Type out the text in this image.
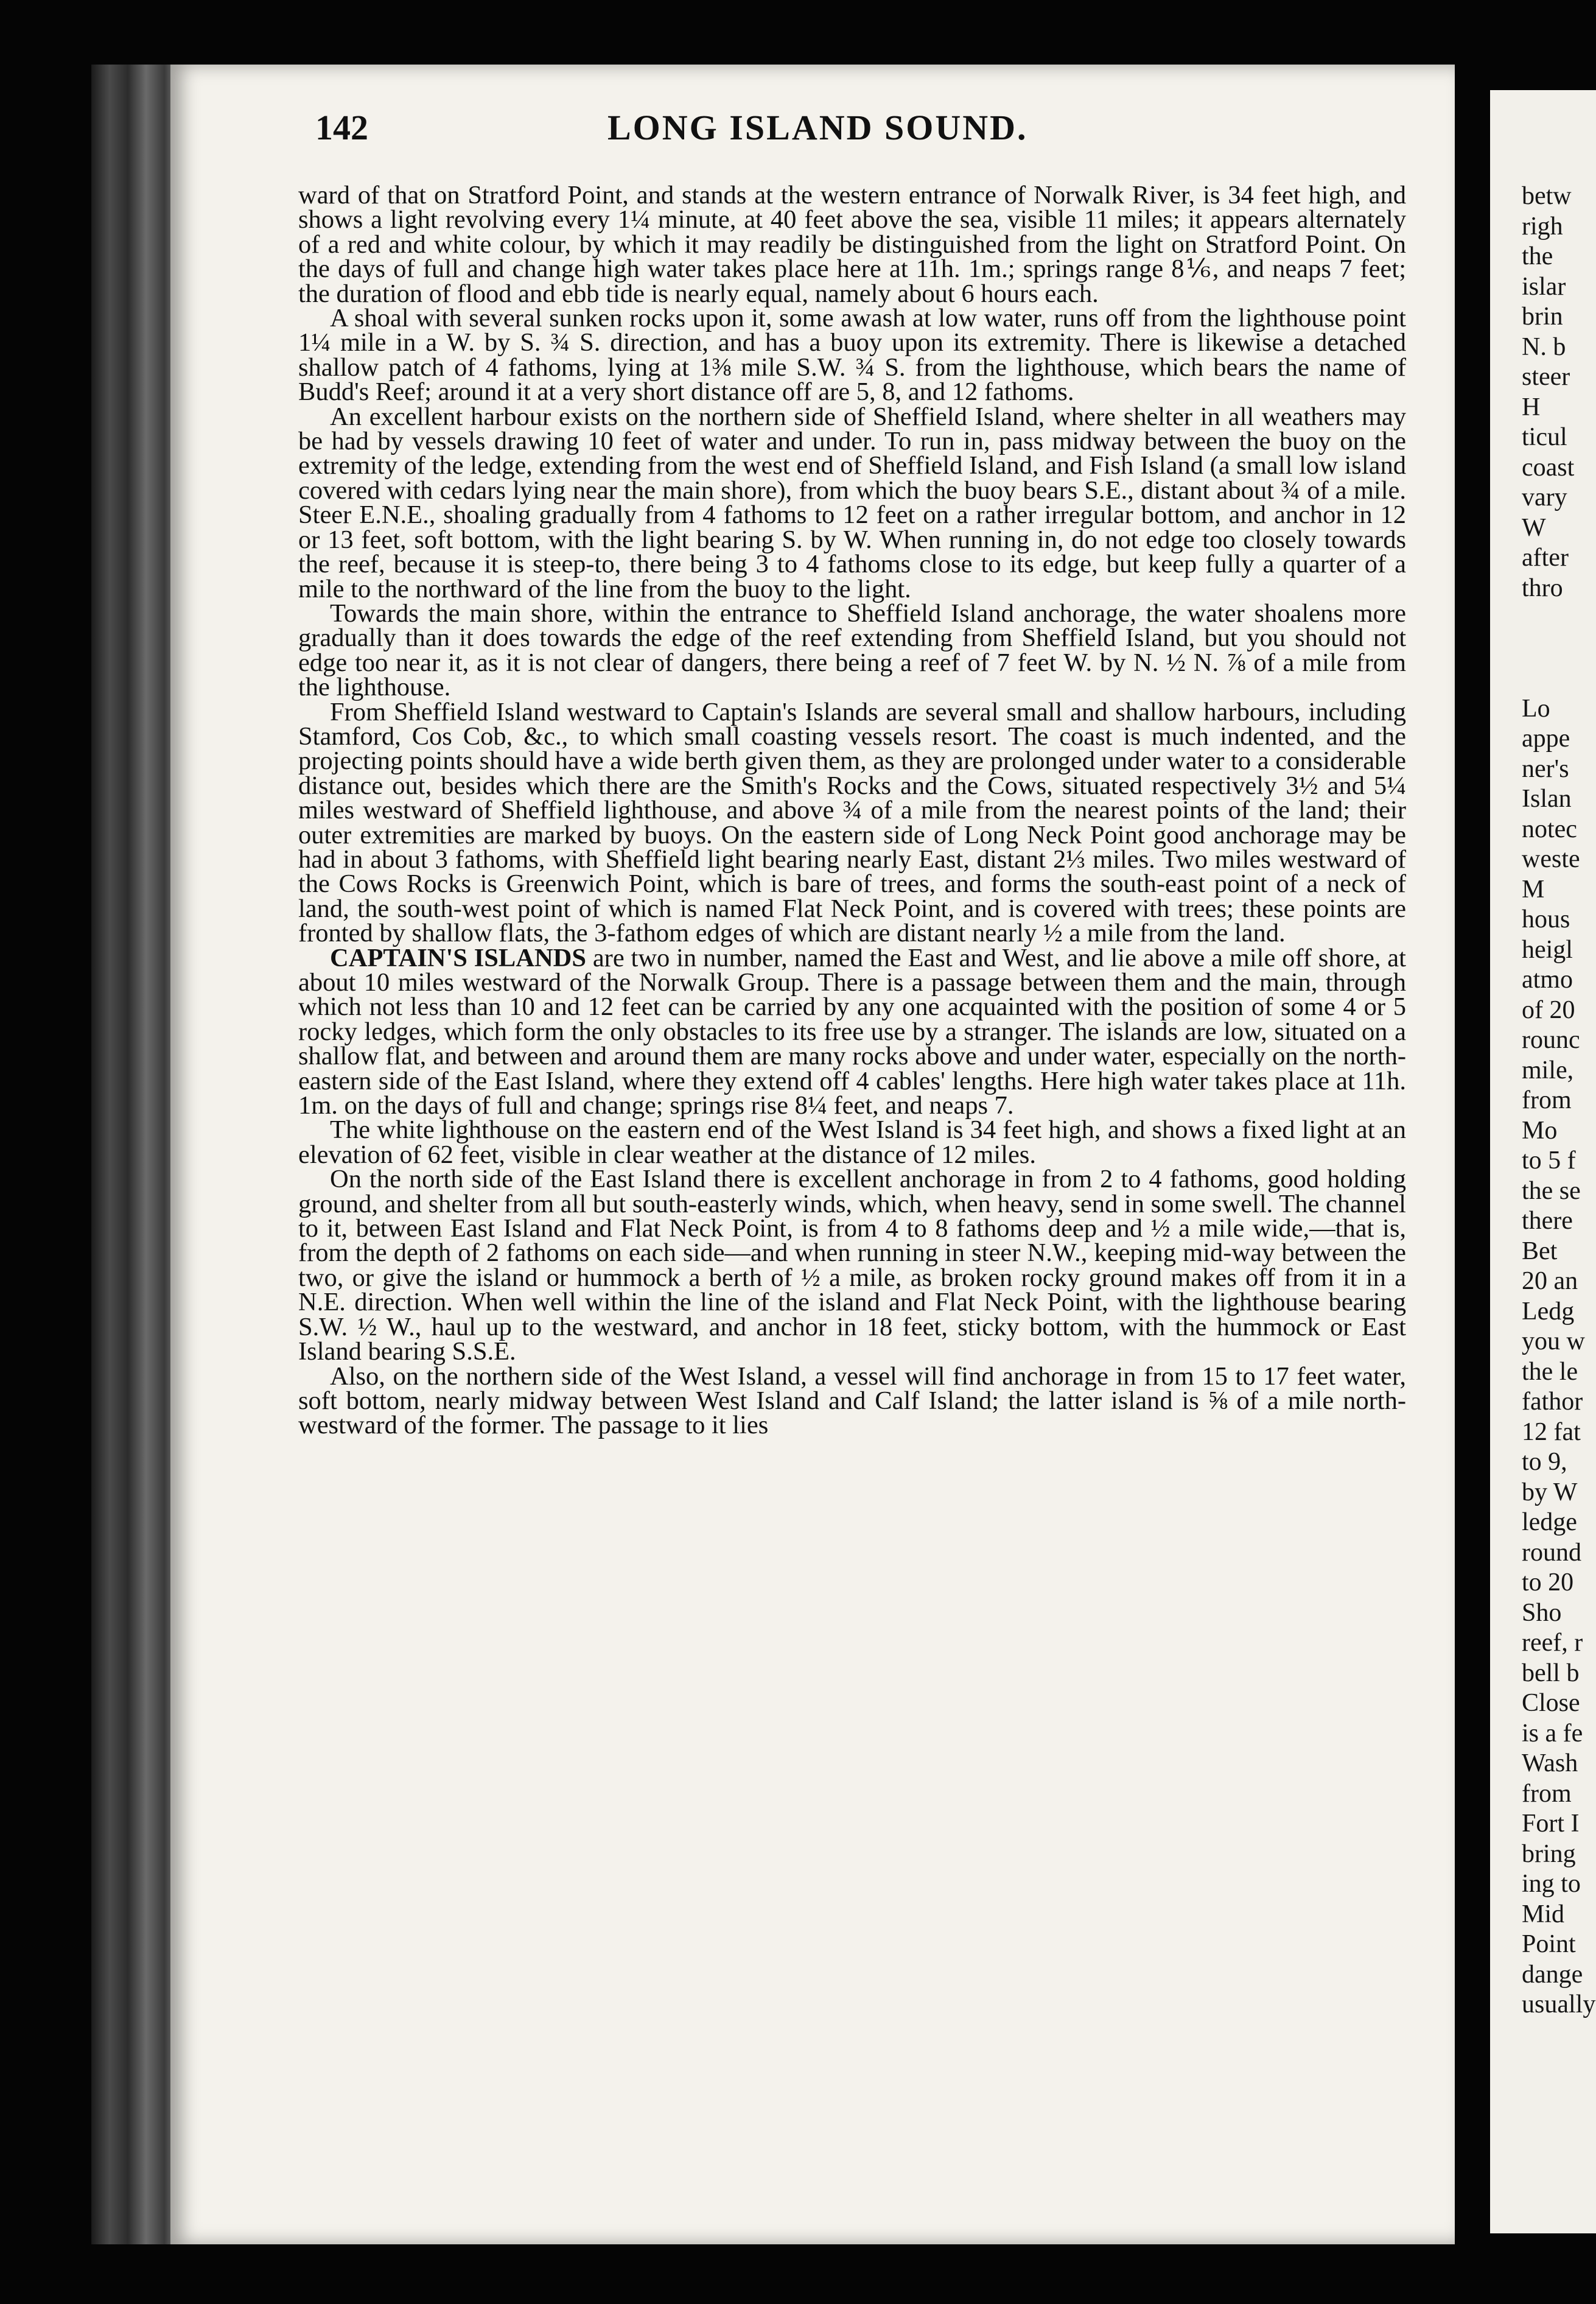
142	LONG ISLAND SOUND.

ward of that on Stratford Point, and stands at the western entrance of Norwalk River, is 34 feet high, and shows a light revolving every 1¼ minute, at 40 feet above the sea, visible 11 miles; it appears alternately of a red and white colour, by which it may readily be distinguished from the light on Stratford Point. On the days of full and change high water takes place here at 11h. 1m.; springs range 8⅙, and neaps 7 feet; the duration of flood and ebb tide is nearly equal, namely about 6 hours each.

A shoal with several sunken rocks upon it, some awash at low water, runs off from the lighthouse point 1¼ mile in a W. by S. ¾ S. direction, and has a buoy upon its extremity. There is likewise a detached shallow patch of 4 fathoms, lying at 1⅜ mile S.W. ¾ S. from the lighthouse, which bears the name of Budd's Reef; around it at a very short distance off are 5, 8, and 12 fathoms.

An excellent harbour exists on the northern side of Sheffield Island, where shelter in all weathers may be had by vessels drawing 10 feet of water and under. To run in, pass midway between the buoy on the extremity of the ledge, extending from the west end of Sheffield Island, and Fish Island (a small low island covered with cedars lying near the main shore), from which the buoy bears S.E., distant about ¾ of a mile. Steer E.N.E., shoaling gradually from 4 fathoms to 12 feet on a rather irregular bottom, and anchor in 12 or 13 feet, soft bottom, with the light bearing S. by W. When running in, do not edge too closely towards the reef, because it is steep-to, there being 3 to 4 fathoms close to its edge, but keep fully a quarter of a mile to the northward of the line from the buoy to the light.

Towards the main shore, within the entrance to Sheffield Island anchorage, the water shoalens more gradually than it does towards the edge of the reef extending from Sheffield Island, but you should not edge too near it, as it is not clear of dangers, there being a reef of 7 feet W. by N. ½ N. ⅞ of a mile from the lighthouse.

From Sheffield Island westward to Captain's Islands are several small and shallow harbours, including Stamford, Cos Cob, &c., to which small coasting vessels resort. The coast is much indented, and the projecting points should have a wide berth given them, as they are prolonged under water to a considerable distance out, besides which there are the Smith's Rocks and the Cows, situated respectively 3½ and 5¼ miles westward of Sheffield lighthouse, and above ¾ of a mile from the nearest points of the land; their outer extremities are marked by buoys. On the eastern side of Long Neck Point good anchorage may be had in about 3 fathoms, with Sheffield light bearing nearly East, distant 2⅓ miles. Two miles westward of the Cows Rocks is Greenwich Point, which is bare of trees, and forms the south-east point of a neck of land, the south-west point of which is named Flat Neck Point, and is covered with trees; these points are fronted by shallow flats, the 3-fathom edges of which are distant nearly ½ a mile from the land.

CAPTAIN'S ISLANDS are two in number, named the East and West, and lie above a mile off shore, at about 10 miles westward of the Norwalk Group. There is a passage between them and the main, through which not less than 10 and 12 feet can be carried by any one acquainted with the position of some 4 or 5 rocky ledges, which form the only obstacles to its free use by a stranger. The islands are low, situated on a shallow flat, and between and around them are many rocks above and under water, especially on the north-eastern side of the East Island, where they extend off 4 cables' lengths. Here high water takes place at 11h. 1m. on the days of full and change; springs rise 8¼ feet, and neaps 7.

The white lighthouse on the eastern end of the West Island is 34 feet high, and shows a fixed light at an elevation of 62 feet, visible in clear weather at the distance of 12 miles.

On the north side of the East Island there is excellent anchorage in from 2 to 4 fathoms, good holding ground, and shelter from all but south-easterly winds, which, when heavy, send in some swell. The channel to it, between East Island and Flat Neck Point, is from 4 to 8 fathoms deep and ½ a mile wide,—that is, from the depth of 2 fathoms on each side—and when running in steer N.W., keeping mid-way between the two, or give the island or hummock a berth of ½ a mile, as broken rocky ground makes off from it in a N.E. direction. When well within the line of the island and Flat Neck Point, with the lighthouse bearing S.W. ½ W., haul up to the westward, and anchor in 18 feet, sticky bottom, with the hummock or East Island bearing S.S.E.

Also, on the northern side of the West Island, a vessel will find anchorage in from 15 to 17 feet water, soft bottom, nearly midway between West Island and Calf Island; the latter island is ⅝ of a mile north-westward of the former. The passage to it lies

betw
righ
the
islar
brin
N. b
steer
H
ticul
coast
vary
W
after
thro
Lo
appe
ner's
Islan
notec
weste
M
hous
heigl
atmo
of 20
rounc
mile,
from
Mo
to 5 f
the se
there
Bet
20 an
Ledg
you w
the le
fathor
12 fat
to 9,
by W
ledge
round
to 20
Sho
reef, r
bell b
Close
is a fe
Wash
from
Fort I
bring
ing to
Mid
Point
dange
usually
